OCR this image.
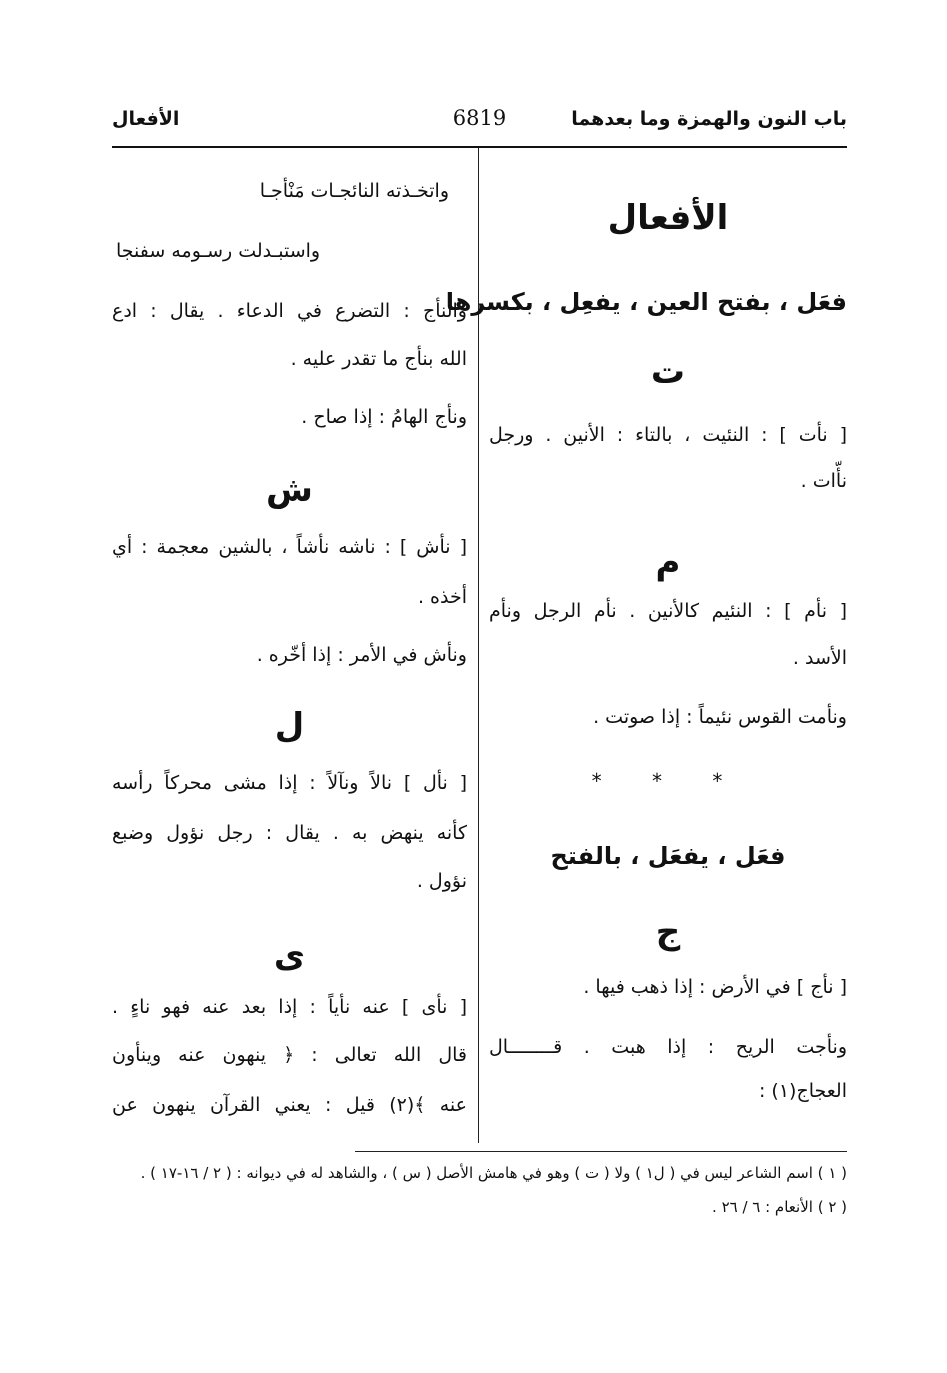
باب النون والهمزة وما بعدهما
6819
الأفعال
الأفعال
فعَل ، بفتح العين ، يفعِل ، بكسرها
ت
[ نأت ] : النئيت ، بالتاء : الأنين . ورجل
نأّات .
م
[ نأم ] : النئيم كالأنين . نأم الرجل ونأم
الأسد .
ونأمت القوس نئيماً : إذا صوتت .
* * *
فعَل ، يفعَل ، بالفتح
ج
[ نأج ] في الأرض : إذا ذهب فيها .
ونأجت الريح : إذا هبت . قــــــــال
العجاج(١) :
واتخـذته النائجـات مَنْأجـا
واستبـدلت رسـومه سفنجا
والنأج : التضرع في الدعاء . يقال : ادع
الله بنأج ما تقدر عليه .
ونأج الهامُ : إذا صاح .
ش
[ نأش ] : ناشه نأشاً ، بالشين معجمة : أي
أخذه .
ونأش في الأمر : إذا أخّره .
ل
[ نأل ] نالاً ونآلاً : إذا مشى محركاً رأسه
كأنه ينهض به . يقال : رجل نؤول وضبع
نؤول .
ى
[ نأى ] عنه نأياً : إذا بعد عنه فهو ناءٍ .
قال الله تعالى : ﴿ ينهون عنه وينأون
عنه ﴾(٢) قيل : يعني القرآن ينهون عن
( ١ ) اسم الشاعر ليس في ( ل١ ) ولا ( ت ) وهو في هامش الأصل ( س ) ، والشاهد له في ديوانه : ( ٢ / ١٦-١٧ ) .
( ٢ ) الأنعام : ٦ / ٢٦ .
